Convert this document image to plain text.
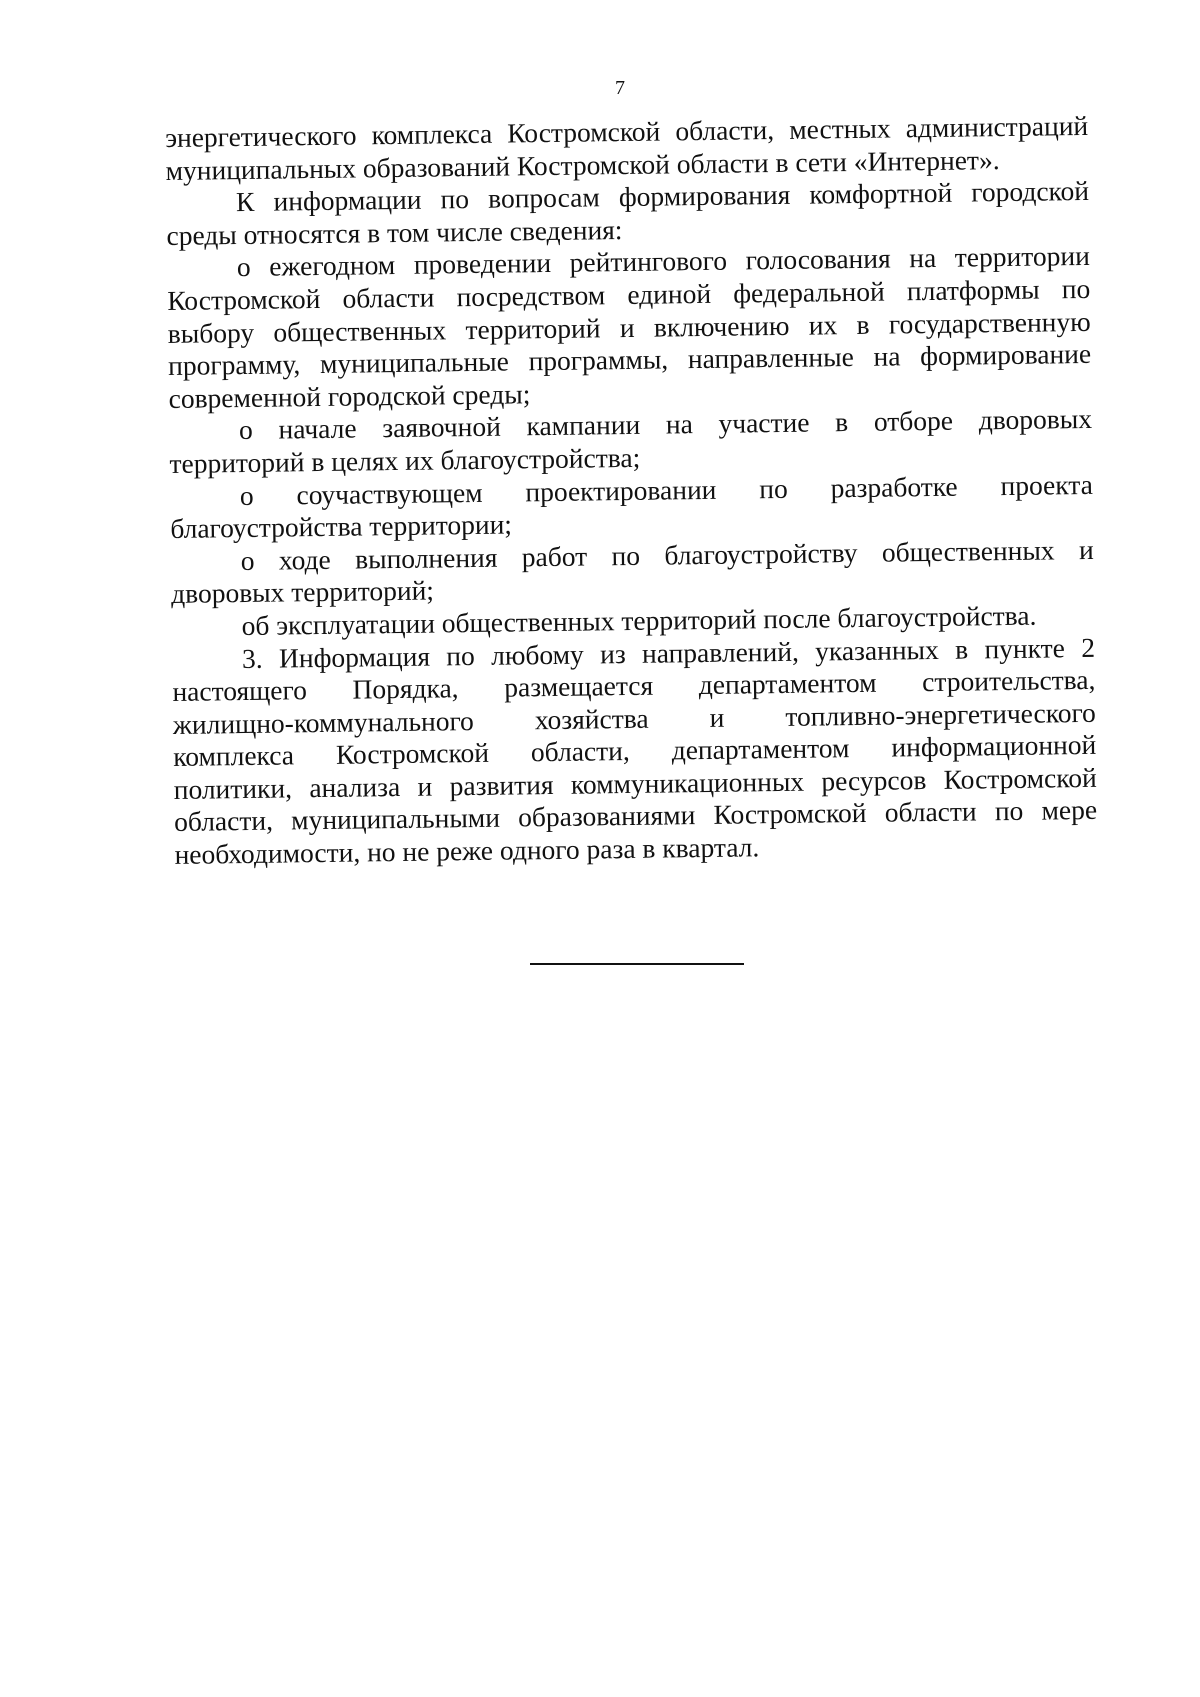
7
энергетического комплекса Костромской области, местных администраций
муниципальных образований Костромской области в сети «Интернет».
К информации по вопросам формирования комфортной городской
среды относятся в том числе сведения:
о ежегодном проведении рейтингового голосования на территории
Костромской области посредством единой федеральной платформы по
выбору общественных территорий и включению их в государственную
программу, муниципальные программы, направленные на формирование
современной городской среды;
о начале заявочной кампании на участие в отборе дворовых
территорий в целях их благоустройства;
о соучаствующем проектировании по разработке проекта
благоустройства территории;
о ходе выполнения работ по благоустройству общественных и
дворовых территорий;
об эксплуатации общественных территорий после благоустройства.
3. Информация по любому из направлений, указанных в пункте 2
настоящего Порядка, размещается департаментом строительства,
жилищно-коммунального хозяйства и топливно-энергетического
комплекса Костромской области, департаментом информационной
политики, анализа и развития коммуникационных ресурсов Костромской
области, муниципальными образованиями Костромской области по мере
необходимости, но не реже одного раза в квартал.
